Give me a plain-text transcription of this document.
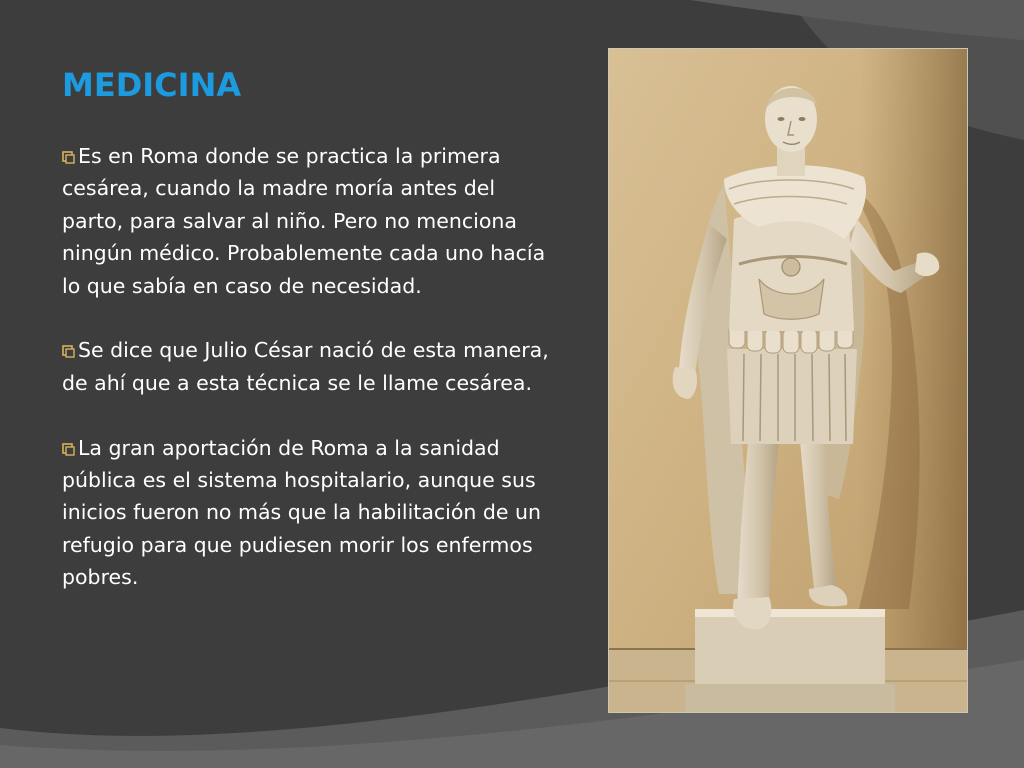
MEDICINA

Es en Roma donde se practica la primera cesárea, cuando la madre moría antes del parto, para salvar al niño. Pero no menciona ningún médico. Probablemente cada uno hacía lo que sabía en caso de necesidad.

Se dice que Julio César nació de esta manera, de ahí que a esta técnica se le llame cesárea.

La gran aportación de Roma a la sanidad pública es el sistema hospitalario, aunque sus inicios fueron no más que la habilitación de un refugio para que pudiesen morir los enfermos pobres.
